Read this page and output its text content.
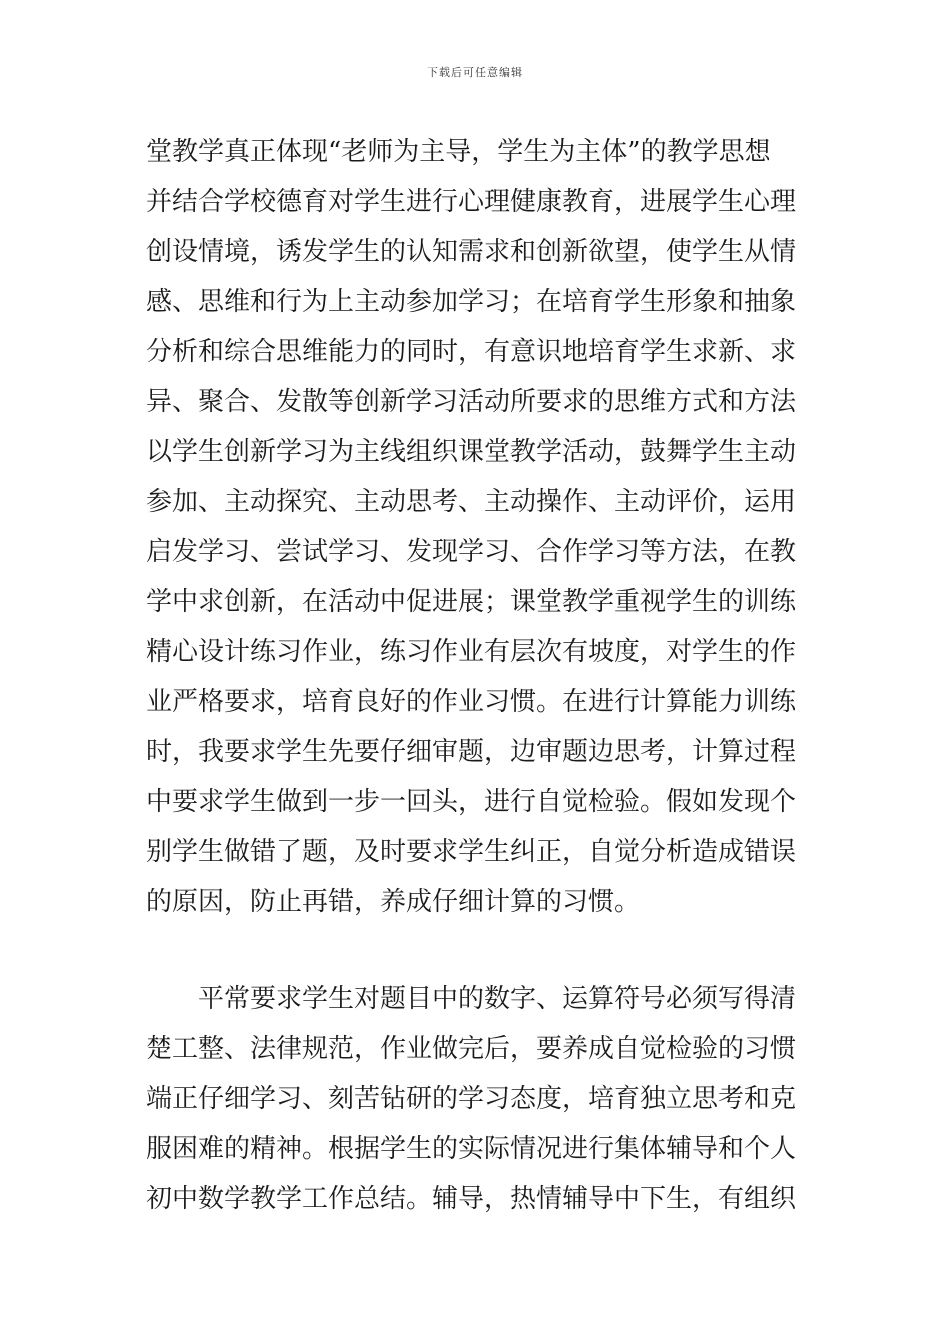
下载后可任意编辑
堂教学真正体现“老师为主导，学生为主体”的教学思想
并结合学校德育对学生进行心理健康教育，进展学生心理
创设情境，诱发学生的认知需求和创新欲望，使学生从情
感、思维和行为上主动参加学习；在培育学生形象和抽象
分析和综合思维能力的同时，有意识地培育学生求新、求
异、聚合、发散等创新学习活动所要求的思维方式和方法
以学生创新学习为主线组织课堂教学活动，鼓舞学生主动
参加、主动探究、主动思考、主动操作、主动评价，运用
启发学习、尝试学习、发现学习、合作学习等方法，在教
学中求创新，在活动中促进展；课堂教学重视学生的训练
精心设计练习作业，练习作业有层次有坡度，对学生的作
业严格要求，培育良好的作业习惯。在进行计算能力训练
时，我要求学生先要仔细审题，边审题边思考，计算过程
中要求学生做到一步一回头，进行自觉检验。假如发现个
别学生做错了题，及时要求学生纠正，自觉分析造成错误
的原因，防止再错，养成仔细计算的习惯。
　　平常要求学生对题目中的数字、运算符号必须写得清
楚工整、法律规范，作业做完后，要养成自觉检验的习惯
端正仔细学习、刻苦钻研的学习态度，培育独立思考和克
服困难的精神。根据学生的实际情况进行集体辅导和个人
初中数学教学工作总结。辅导，热情辅导中下生，有组织
